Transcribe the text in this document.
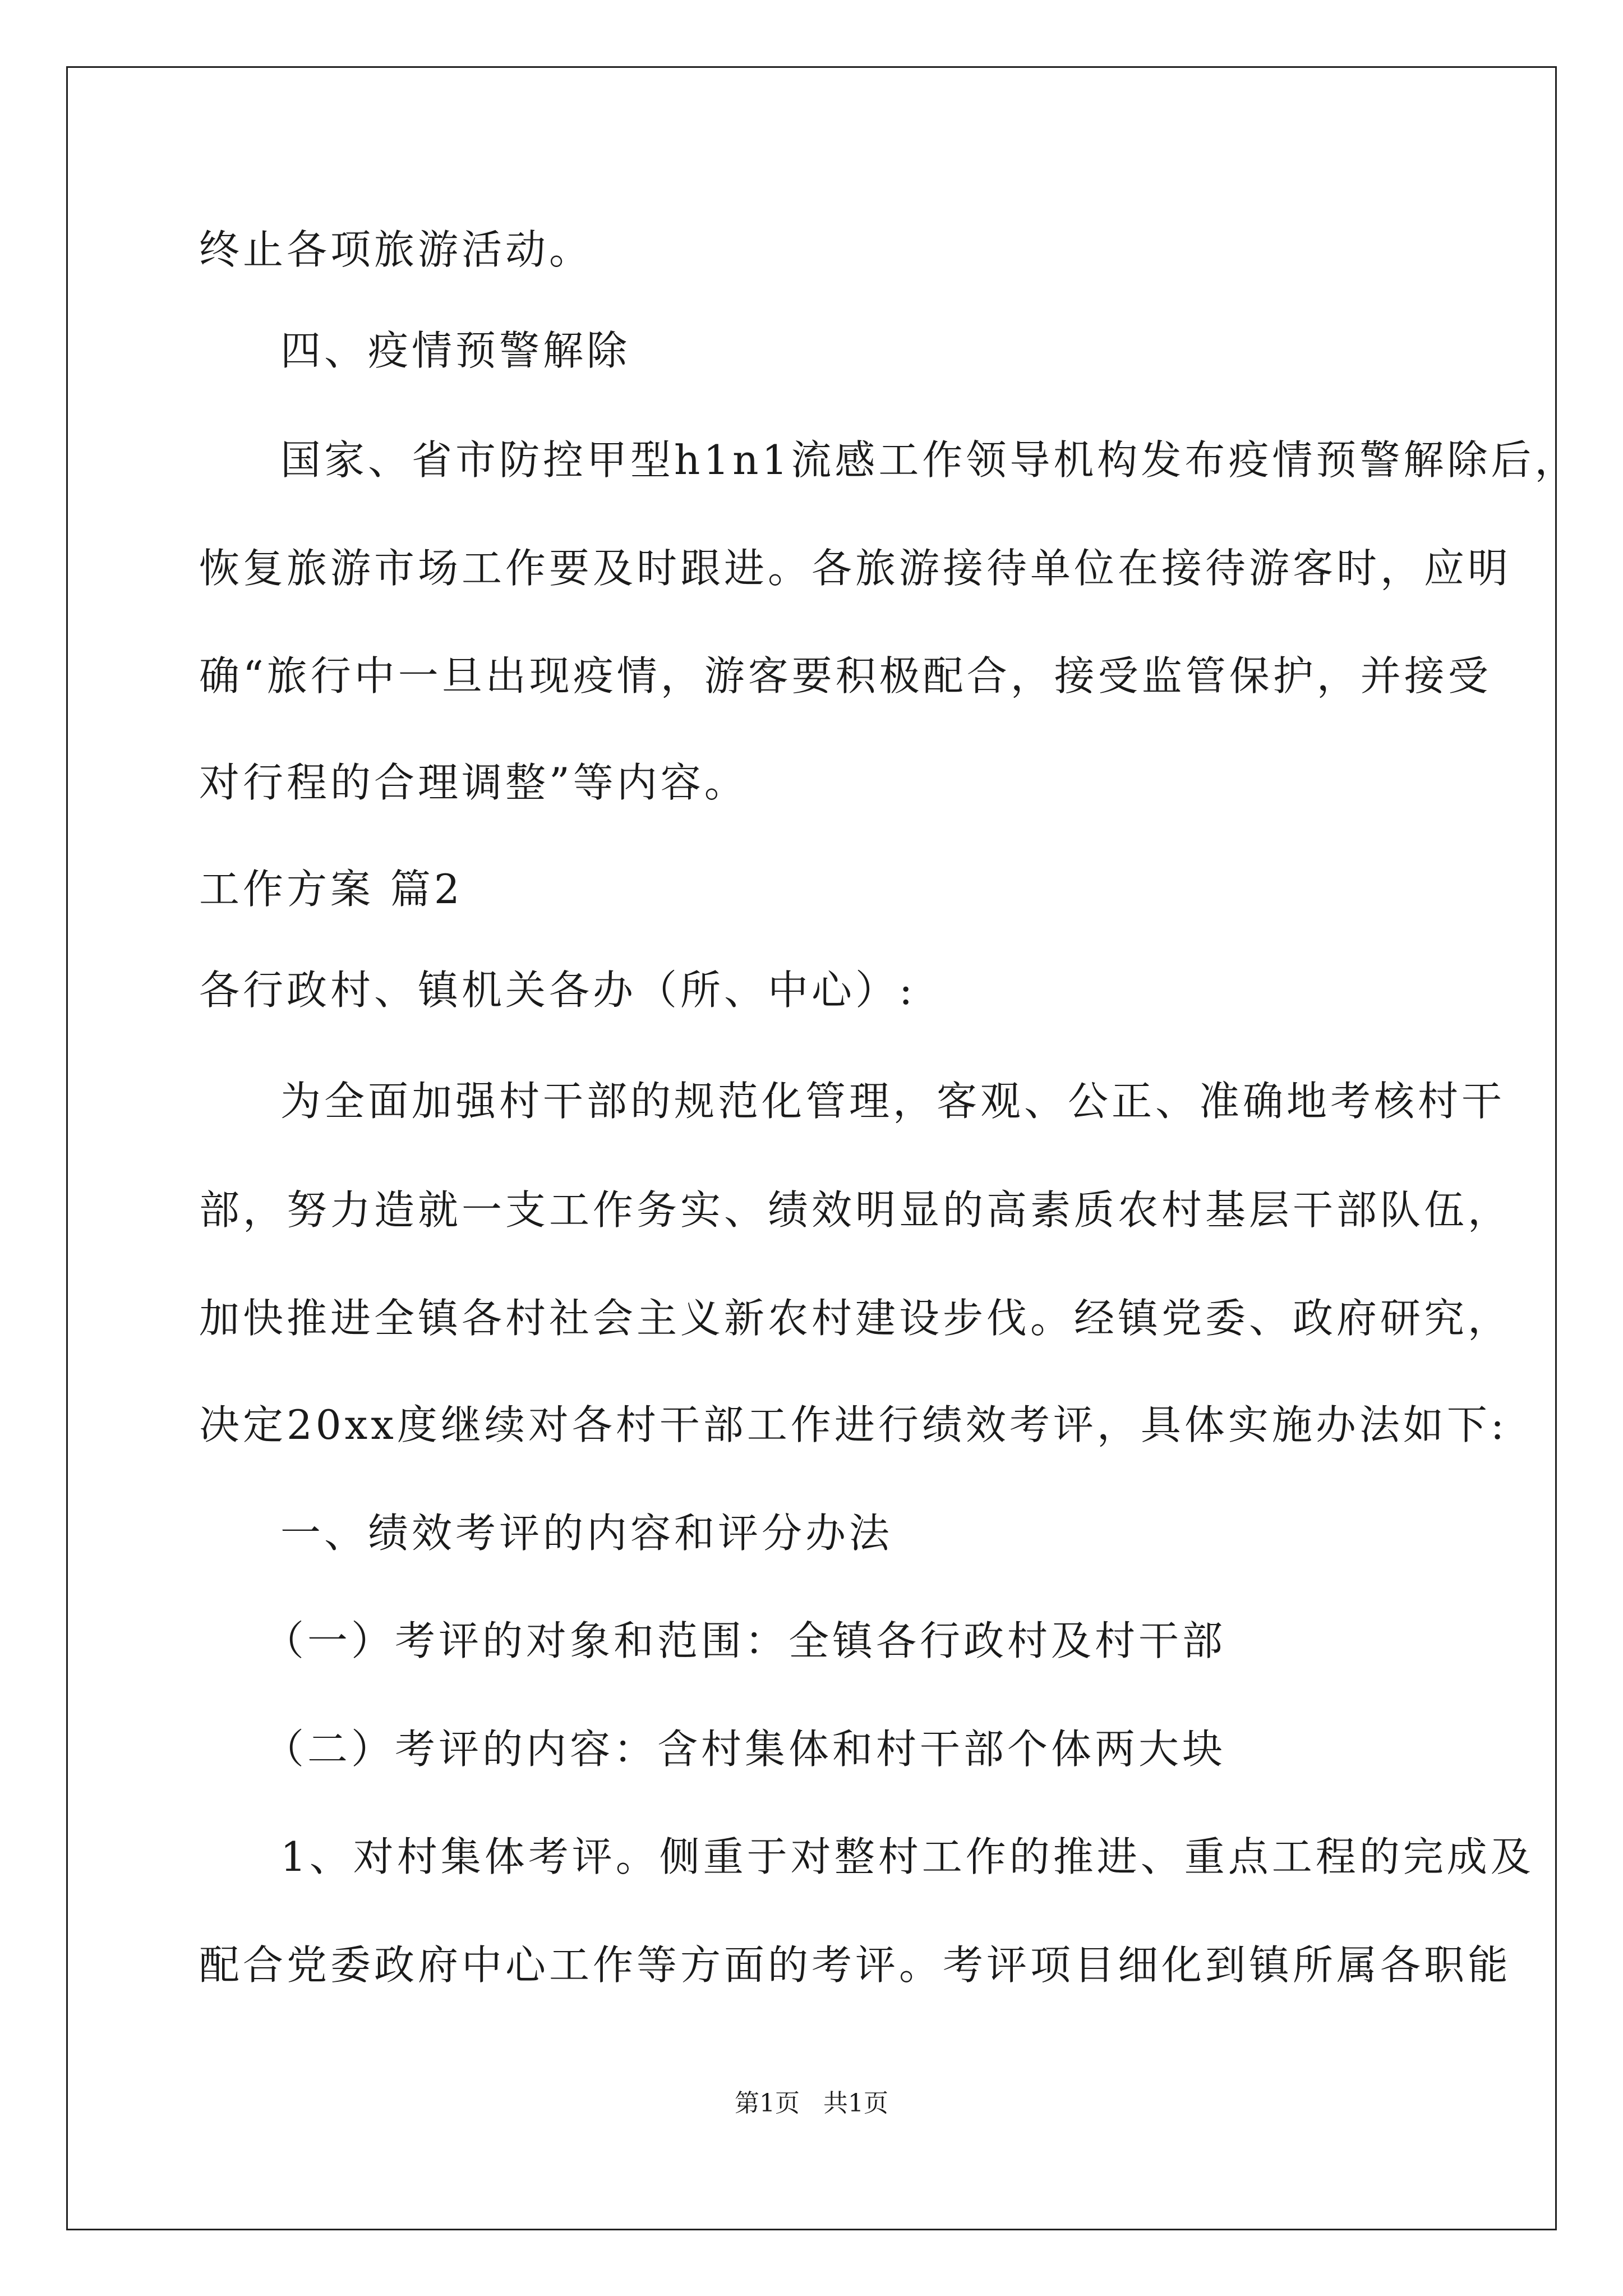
终止各项旅游活动。
四、疫情预警解除
国家、省市防控甲型h1n1流感工作领导机构发布疫情预警解除后，
恢复旅游市场工作要及时跟进。各旅游接待单位在接待游客时，应明
确“旅行中一旦出现疫情，游客要积极配合，接受监管保护，并接受
对行程的合理调整”等内容。
工作方案 篇2
各行政村、镇机关各办（所、中心）:
为全面加强村干部的规范化管理，客观、公正、准确地考核村干
部，努力造就一支工作务实、绩效明显的高素质农村基层干部队伍，
加快推进全镇各村社会主义新农村建设步伐。经镇党委、政府研究，
决定20xx度继续对各村干部工作进行绩效考评，具体实施办法如下:
一、绩效考评的内容和评分办法
（一）考评的对象和范围：全镇各行政村及村干部
（二）考评的内容：含村集体和村干部个体两大块
1、对村集体考评。侧重于对整村工作的推进、重点工程的完成及
配合党委政府中心工作等方面的考评。考评项目细化到镇所属各职能
第1页 共1页
